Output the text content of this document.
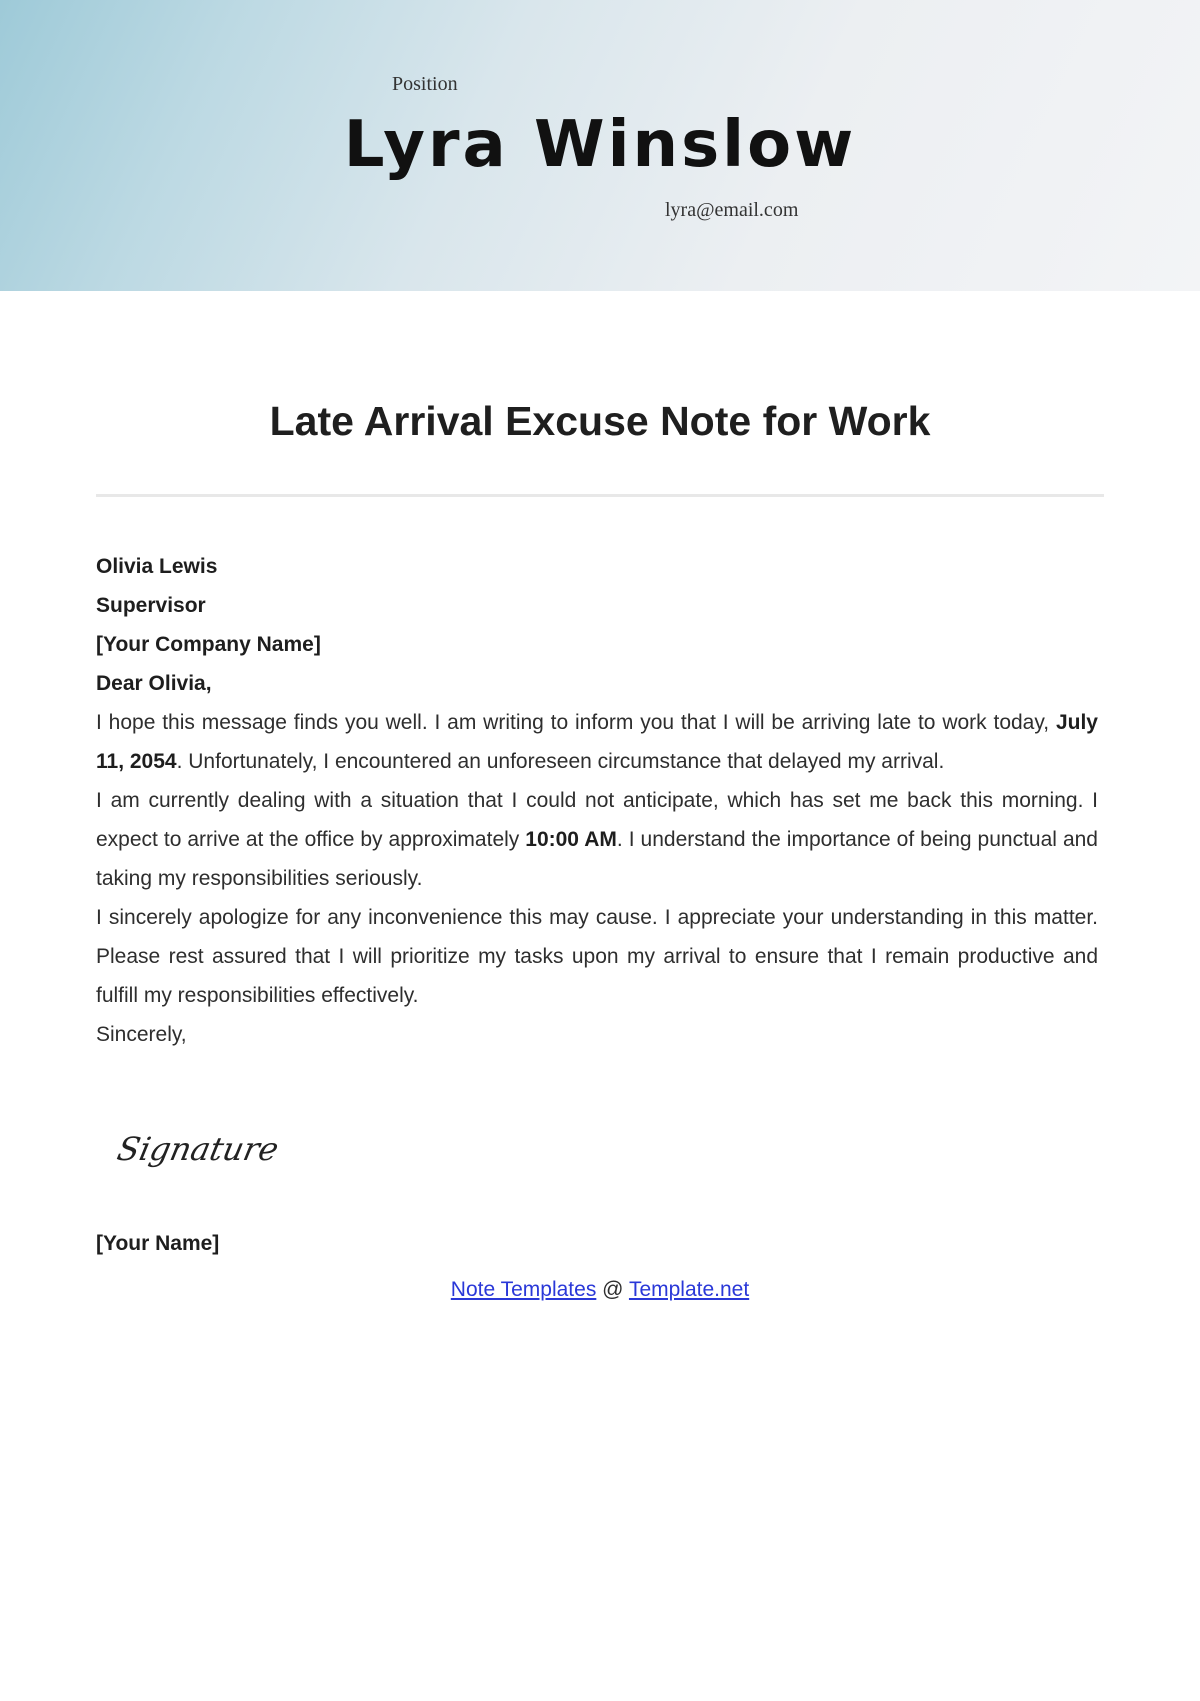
Position
Lyra Winslow
lyra@email.com
Late Arrival Excuse Note for Work
Olivia Lewis
Supervisor
[Your Company Name]
Dear Olivia,

I hope this message finds you well. I am writing to inform you that I will be arriving late to work today, July 11, 2054. Unfortunately, I encountered an unforeseen circumstance that delayed my arrival.

I am currently dealing with a situation that I could not anticipate, which has set me back this morning. I expect to arrive at the office by approximately 10:00 AM. I understand the importance of being punctual and taking my responsibilities seriously.

I sincerely apologize for any inconvenience this may cause. I appreciate your understanding in this matter. Please rest assured that I will prioritize my tasks upon my arrival to ensure that I remain productive and fulfill my responsibilities effectively.

Sincerely,
Signature
[Your Name]
Note Templates @ Template.net
